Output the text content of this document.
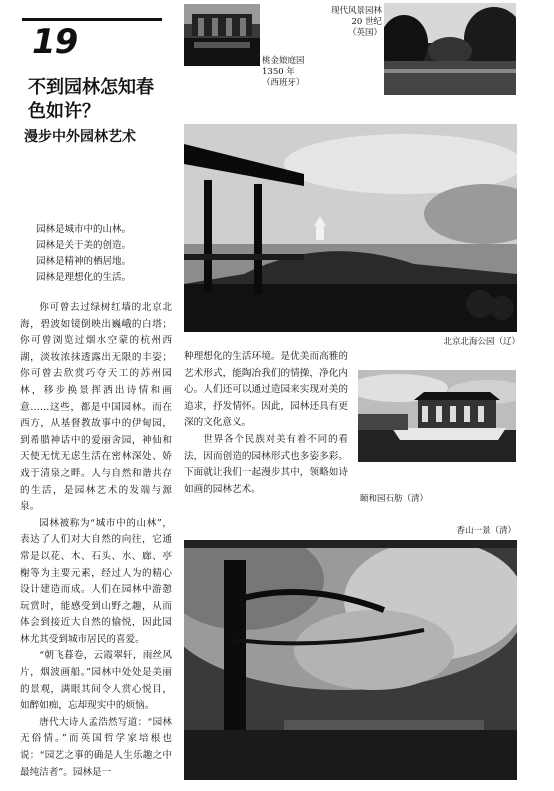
19
不到园林怎知春
色如许？
漫步中外园林艺术
园林是城市中的山林。
园林是关于美的创造。
园林是精神的栖居地。
园林是理想化的生活。
现代风景园林
20 世纪
（英国）
桃金娘庭园
1350 年
（西班牙）
北京北海公园（辽）
颐和园石舫（清）
香山一景（清）

你可曾去过绿树红墙的北京北海，碧波如镜倒映出巍峨的白塔；你可曾浏览过烟水空蒙的杭州西湖，淡妆浓抹透露出无限的丰姿；你可曾去欣赏巧夺天工的苏州园林，移步换景挥洒出诗情和画意……这些，都是中国园林。而在西方，从基督教故事中的伊甸园，到希腊神话中的爱丽舍园，神仙和天使无忧无虑生活在密林深处、娇戏于清泉之畔。人与自然和谐共存的生活，是园林艺术的发端与源泉。

园林被称为“城市中的山林”，表达了人们对大自然的向往，它通常是以花、木、石头、水、廊、亭榭等为主要元素，经过人为的精心设计建造而成。人们在园林中游憩玩赏时，能感受到山野之趣，从而体会到接近大自然的愉悦，因此园林尤其受到城市居民的喜爱。

“朝飞暮卷，云霞翠轩，雨丝风片，烟波画船。”园林中处处是美丽的景观，满眼其间令人赏心悦目，如醉如痴，忘却现实中的烦恼。

唐代大诗人孟浩然写道：“园林无俗情。”而英国哲学家培根也说：“园艺之事的确是人生乐趣之中最纯洁者”。园林是一

种理想化的生活环境。是优美而高雅的艺术形式，能陶冶我们的情操，净化内心。人们还可以通过造园来实现对美的追求，抒发情怀。因此，园林还具有更深的文化意义。

世界各个民族对美有着不同的看法，因而创造的园林形式也多姿多彩。下面就让我们一起漫步其中，领略如诗如画的园林艺术。
